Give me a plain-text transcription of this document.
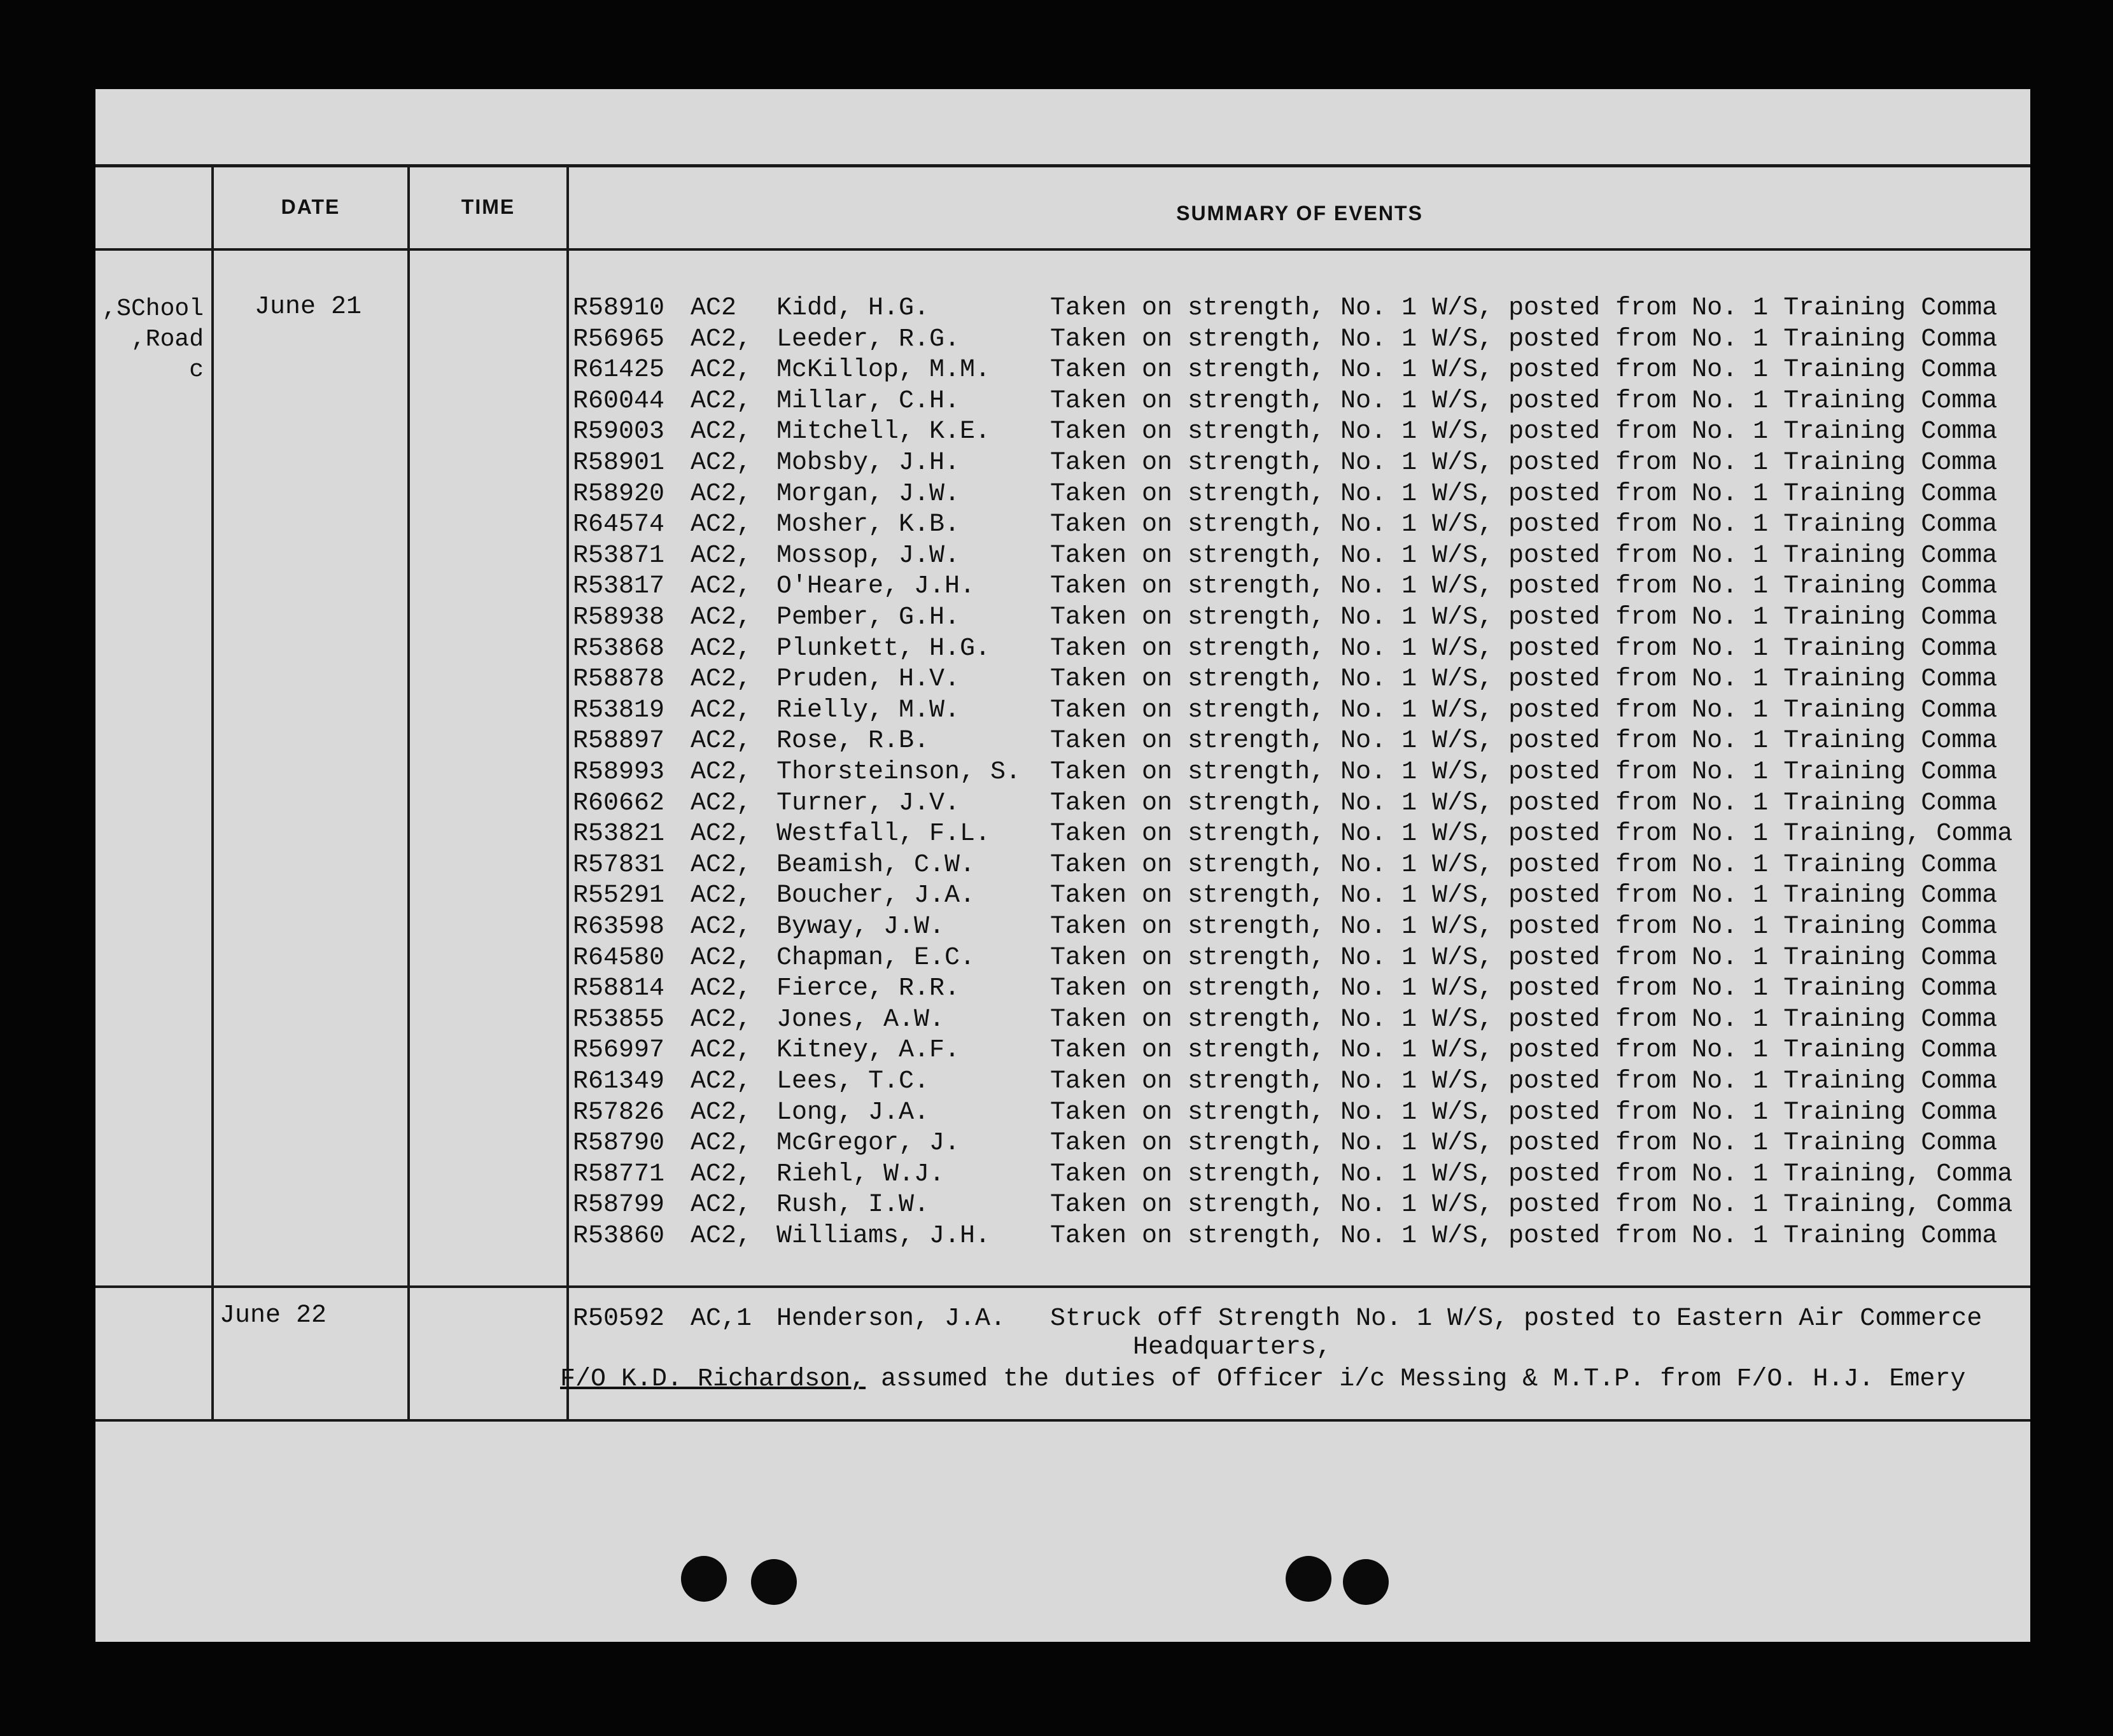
DATE	TIME	SUMMARY OF EVENTS
SChool,
Road,
c
June 21	R58910 AC2 Kidd, H.G.	Taken on strength, No. 1 W/S, posted from No. 1 Training Comma
R56965 AC2, Leeder, R.G.	Taken on strength, No. 1 W/S, posted from No. 1 Training Comma
R61425 AC2, McKillop, M.M. Taken on strength, No. 1 W/S, posted from No. 1 Training Comma
R60044 AC2, Millar, C.H.	Taken on strength, No. 1 W/S, posted from No. 1 Training Comma
R59003 AC2, Mitchell, K.E. Taken on strength, No. 1 W/S, posted from No. 1 Training Comma
R58901 AC2, Mobsby, J.H.	Taken on strength, No. 1 W/S, posted from No. 1 Training Comma
R58920 AC2, Morgan, J.W.	Taken on strength, No. 1 W/S, posted from No. 1 Training Comma
R64574 AC2, Mosher, K.B.	Taken on strength, No. 1 W/S, posted from No. 1 Training Comma
R53871 AC2, Mossop, J.W.	Taken on strength, No. 1 W/S, posted from No. 1 Training Comma
R53817 AC2, O'Heare, J.H.	Taken on strength, No. 1 W/S, posted from No. 1 Training Comma
R58938 AC2, Pember, G.H.	Taken on strength, No. 1 W/S, posted from No. 1 Training Comma
R53868 AC2, Plunkett, H.G. Taken on strength, No. 1 W/S, posted from No. 1 Training Comma
R58878 AC2, Pruden, H.V.	Taken on strength, No. 1 W/S, posted from No. 1 Training Comma
R53819 AC2, Rielly, M.W.	Taken on strength, No. 1 W/S, posted from No. 1 Training Comma
R58897 AC2, Rose, R.B.	Taken on strength, No. 1 W/S, posted from No. 1 Training Comma
R58993 AC2, Thorsteinson, S. Taken on strength, No. 1 W/S, posted from No. 1 Training Comma
R60662 AC2, Turner, J.V.	Taken on strength, No. 1 W/S, posted from No. 1 Training Comma
R53821 AC2, Westfall, F.L. Taken on strength, No. 1 W/S, posted from No. 1 Training, Comma
R57831 AC2, Beamish, C.W.	Taken on strength, No. 1 W/S, posted from No. 1 Training Comma
R55291 AC2, Boucher, J.A.	Taken on strength, No. 1 W/S, posted from No. 1 Training Comma
R63598 AC2, Byway, J.W.	Taken on strength, No. 1 W/S, posted from No. 1 Training Comma
R64580 AC2, Chapman, E.C.	Taken on strength, No. 1 W/S, posted from No. 1 Training Comma
R58814 AC2, Fierce, R.R.	Taken on strength, No. 1 W/S, posted from No. 1 Training Comma
R53855 AC2, Jones, A.W.	Taken on strength, No. 1 W/S, posted from No. 1 Training Comma
R56997 AC2, Kitney, A.F.	Taken on strength, No. 1 W/S, posted from No. 1 Training Comma
R61349 AC2, Lees, T.C.	Taken on strength, No. 1 W/S, posted from No. 1 Training Comma
R57826 AC2, Long, J.A.	Taken on strength, No. 1 W/S, posted from No. 1 Training Comma
R58790 AC2, McGregor, J.	Taken on strength, No. 1 W/S, posted from No. 1 Training Comma
R58771 AC2, Riehl, W.J.	Taken on strength, No. 1 W/S, posted from No. 1 Training, Comma
R58799 AC2, Rush, I.W.	Taken on strength, No. 1 W/S, posted from No. 1 Training, Comma
R53860 AC2, Williams, J.H. Taken on strength, No. 1 W/S, posted from No. 1 Training Comma
June 22	R50592 AC,1 Henderson, J.A. Struck off Strength No. 1 W/S, posted to Eastern Air Commerce
Headquarters,
F/O K.D. Richardson, assumed the duties of Officer i/c Messing & M.T.P. from F/O. H.J. Emery
